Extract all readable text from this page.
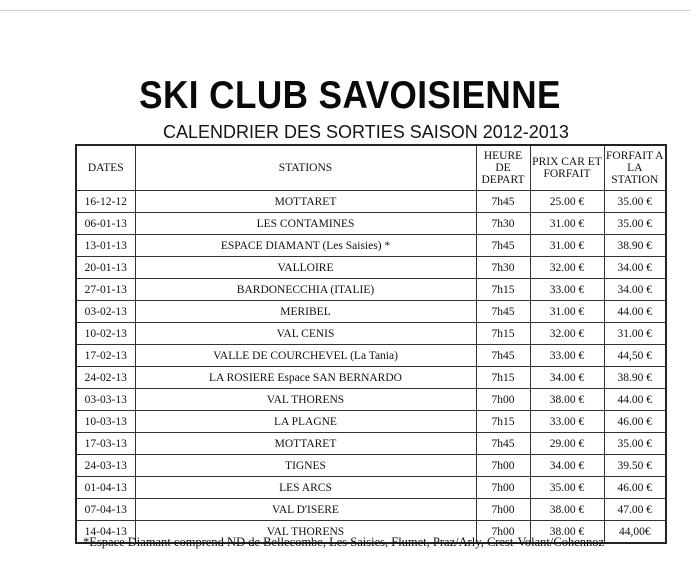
SKI CLUB SAVOISIENNE
CALENDRIER DES SORTIES SAISON 2012-2013
DATES	STATIONS	HEURE DE DEPART	PRIX CAR ET FORFAIT	FORFAIT A LA STATION
16-12-12	MOTTARET	7h45	25.00 €	35.00 €
06-01-13	LES CONTAMINES	7h30	31.00 €	35.00 €
13-01-13	ESPACE DIAMANT (Les Saisies) *	7h45	31.00 €	38.90 €
20-01-13	VALLOIRE	7h30	32.00 €	34.00 €
27-01-13	BARDONECCHIA (ITALIE)	7h15	33.00 €	34.00 €
03-02-13	MERIBEL	7h45	31.00 €	44.00 €
10-02-13	VAL CENIS	7h15	32.00 €	31.00 €
17-02-13	VALLE DE COURCHEVEL (La Tania)	7h45	33.00 €	44,50 €
24-02-13	LA ROSIERE Espace SAN BERNARDO	7h15	34.00 €	38.90 €
03-03-13	VAL THORENS	7h00	38.00 €	44.00 €
10-03-13	LA PLAGNE	7h15	33.00 €	46.00 €
17-03-13	MOTTARET	7h45	29.00 €	35.00 €
24-03-13	TIGNES	7h00	34.00 €	39.50 €
01-04-13	LES ARCS	7h00	35.00 €	46.00 €
07-04-13	VAL D'ISERE	7h00	38.00 €	47.00 €
14-04-13	VAL THORENS	7h00	38.00 €	44,00€
*Espace Diamant comprend ND de Bellecombe, Les Saisies, Flumet, Praz/Arly, Crest-Volant/Cohennoz
